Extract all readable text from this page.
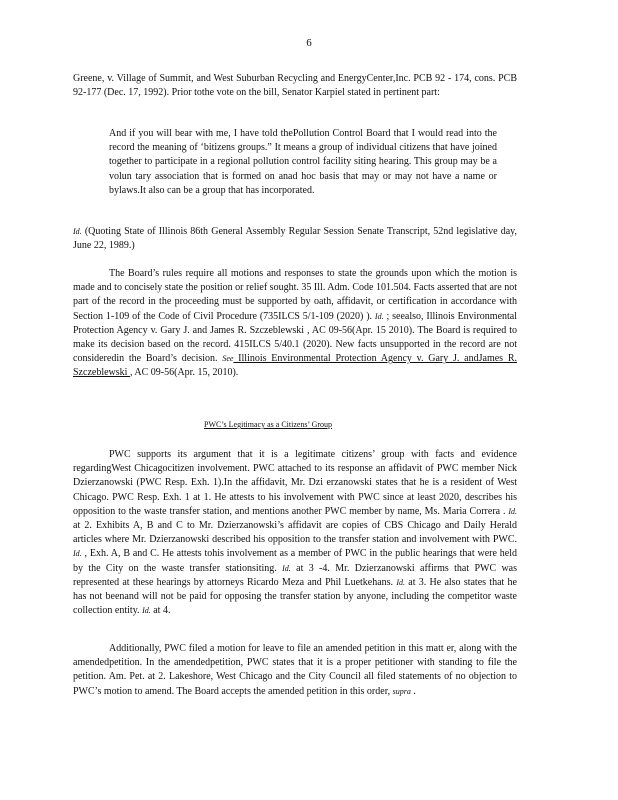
6

Greene, v. Village of Summit, and West Suburban Recycling and EnergyCenter,Inc. PCB 92 - 174, cons. PCB 92-177 (Dec. 17, 1992). Prior tothe vote on the bill, Senator Karpiel stated in pertinent part:

And if you will bear with me, I have told thePollution Control Board that I would read into the record the meaning of ‘bitizens groups.” It means a group of individual citizens that have joined together to participate in a regional pollution control facility siting hearing. This group may be a volun tary association that is formed on anad hoc basis that may or may not have a name or bylaws.It also can be a group that has incorporated.

Id. (Quoting State of Illinois 86th General Assembly Regular Session Senate Transcript, 52nd legislative day, June 22, 1989.)

The Board’s rules require all motions and responses to state the grounds upon which the motion is made and to concisely state the position or relief sought. 35 Ill. Adm. Code 101.504. Facts asserted that are not part of the record in the proceeding must be supported by oath, affidavit, or certification in accordance with Section 1-109 of the Code of Civil Procedure (735ILCS 5/1-109 (2020) ). Id. ; seealso, Illinois Environmental Protection Agency v. Gary J. and James R. Szczeblewski , AC 09-56(Apr. 15 2010). The Board is required to make its decision based on the record. 415ILCS 5/40.1 (2020). New facts unsupported in the record are not consideredin the Board’s decision. See Illinois Environmental Protection Agency v. Gary J. andJames R. Szczeblewski , AC 09-56(Apr. 15, 2010).

PWC’s Legitimacy as a Citizens’ Group

PWC supports its argument that it is a legitimate citizens’ group with facts and evidence regardingWest Chicagocitizen involvement. PWC attached to its response an affidavit of PWC member Nick Dzierzanowski (PWC Resp. Exh. 1).In the affidavit, Mr. Dzi erzanowski states that he is a resident of West Chicago. PWC Resp. Exh. 1 at 1. He attests to his involvement with PWC since at least 2020, describes his opposition to the waste transfer station, and mentions another PWC member by name, Ms. Maria Correra . Id. at 2. Exhibits A, B and C to Mr. Dzierzanowski’s affidavit are copies of CBS Chicago and Daily Herald articles where Mr. Dzierzanowski described his opposition to the transfer station and involvement with PWC. Id. , Exh. A, B and C. He attests tohis involvement as a member of PWC in the public hearings that were held by the City on the waste transfer stationsiting. Id. at 3 -4. Mr. Dzierzanowski affirms that PWC was represented at these hearings by attorneys Ricardo Meza and Phil Luetkehans. Id. at 3. He also states that he has not beenand will not be paid for opposing the transfer station by anyone, including the competitor waste collection entity. Id. at 4.

Additionally, PWC filed a motion for leave to file an amended petition in this matt er, along with the amendedpetition. In the amendedpetition, PWC states that it is a proper petitioner with standing to file the petition. Am. Pet. at 2. Lakeshore, West Chicago and the City Council all filed statements of no objection to PWC’s motion to amend. The Board accepts the amended petition in this order, supra .
